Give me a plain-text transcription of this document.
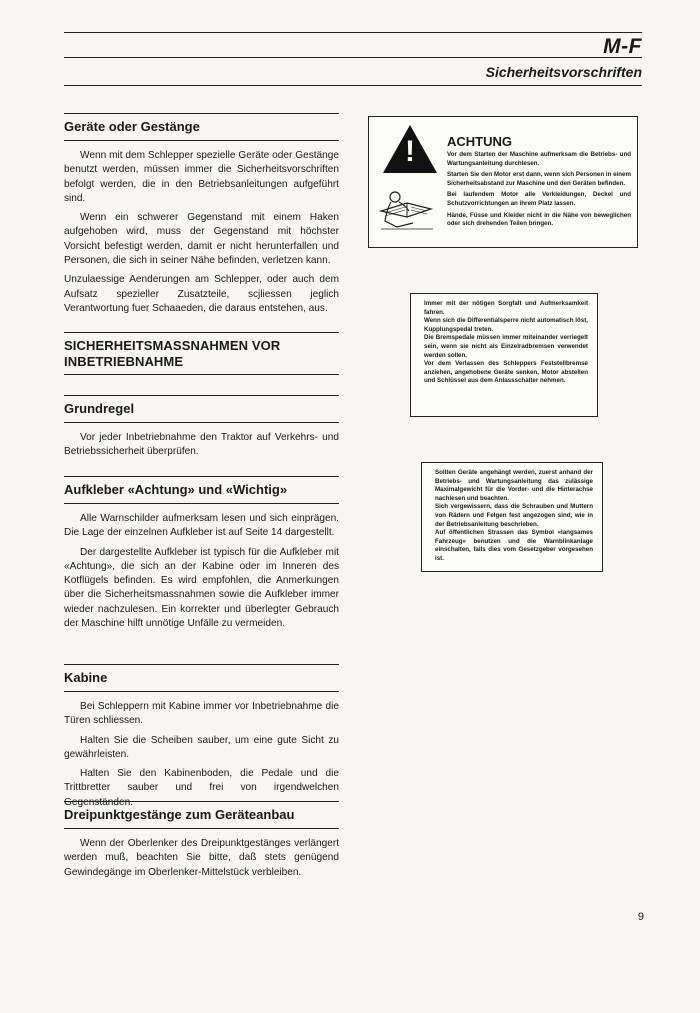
M-F
Sicherheitsvorschriften
Geräte oder Gestänge

Wenn mit dem Schlepper spezielle Geräte oder Gestänge benutzt werden, müssen immer die Sicherheitsvorschriften befolgt werden, die in den Betriebsanleitungen aufgeführt sind.

Wenn ein schwerer Gegenstand mit einem Haken aufgehoben wird, muss der Gegenstand mit höchster Vorsicht befestigt werden, damit er nicht herunterfallen und Personen, die sich in seiner Nähe befinden, verletzen kann.

Unzulaessige Aenderungen am Schlepper, oder auch dem Aufsatz spezieller Zusatzteile, scjliessen jeglich Verantwortung fuer Schaaeden, die daraus entstehen, aus.

SICHERHEITSMASSNAHMEN VOR INBETRIEBNAHME
Grundregel

Vor jeder Inbetriebnahme den Traktor auf Verkehrs- und Betriebssicherheit überprüfen.

Aufkleber «Achtung» und «Wichtig»

Alle Warnschilder aufmerksam lesen und sich einprägen. Die Lage der einzelnen Aufkleber ist auf Seite 14 dargestellt.

Der dargestellte Aufkleber ist typisch für die Aufkleber mit «Achtung», die sich an der Kabine oder im Inneren des Kotflügels befinden. Es wird empfohlen, die Anmerkungen über die Sicherheitsmassnahmen sowie die Aufkleber immer wieder nachzulesen. Ein korrekter und überlegter Gebrauch der Maschine hilft unnötige Unfälle zu vermeiden.

Kabine

Bei Schleppern mit Kabine immer vor Inbetriebnahme die Türen schliessen.

Halten Sie die Scheiben sauber, um eine gute Sicht zu gewährleisten.

Halten Sie den Kabinenboden, die Pedale und die Trittbretter sauber und frei von irgendwelchen Gegenständen.

Dreipunktgestänge zum Geräteanbau

Wenn der Oberlenker des Dreipunktgestänges verlängert werden muß, beachten Sie bitte, daß stets genügend Gewindegänge im Oberlenker-Mittelstück verbleiben.

!	ACHTUNG

Vor dem Starten der Maschine aufmerksam die Betriebs- und Wartungsanleitung durchlesen.

Starten Sie den Motor erst dann, wenn sich Personen in einem Sicherheitsabstand zur Maschine und den Geräten befinden.

Bei laufendem Motor alle Verkleidungen, Deckel und Schutzvorrichtungen an ihrem Platz lassen.

Hände, Füsse und Kleider nicht in die Nähe von beweglichen oder sich drehenden Teilen bringen.

Immer mit der nötigen Sorgfalt und Aufmerksamkeit fahren.

Wenn sich die Differentialsperre nicht automatisch löst, Kupplungspedal treten.

Die Bremspedale müssen immer miteinander verriegelt sein, wenn sie nicht als Einzelradbremsen verwendet werden sollen.

Vor dem Verlassen des Schleppers Feststellbremse anziehen, angehobene Geräte senken, Motor abstellen und Schlüssel aus dem Anlassschalter nehmen.

Sollten Geräte angehängt werden, zuerst anhand der Betriebs- und Wartungsanleitung das zulässige Maximalgewicht für die Vorder- und die Hinterachse nachlesen und beachten.

Sich vergewissern, dass die Schrauben und Muttern von Rädern und Felgen fest angezogen sind, wie in der Betriebsanleitung beschrieben.

Auf öffentlichen Strassen das Symbol «langsames Fahrzeug» benutzen und die Warnblinkanlage einschalten, falls dies vom Gesetzgeber vorgesehen ist.

9
